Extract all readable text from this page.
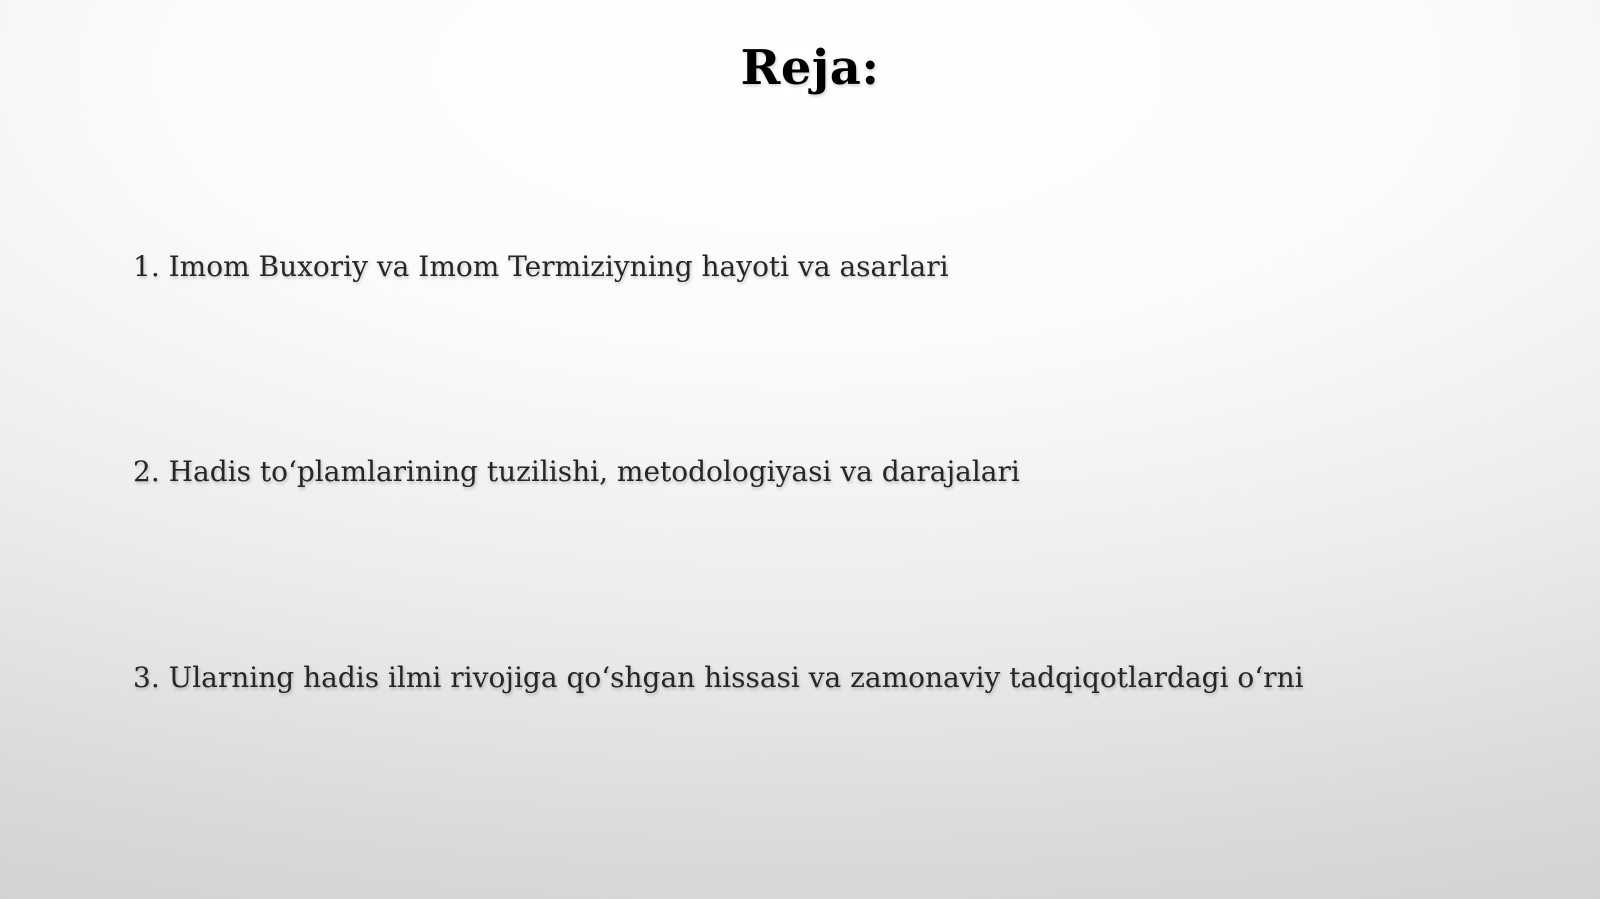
Reja:
1. Imom Buxoriy va Imom Termiziyning hayoti va asarlari
2. Hadis to‘plamlarining tuzilishi, metodologiyasi va darajalari
3. Ularning hadis ilmi rivojiga qo‘shgan hissasi va zamonaviy tadqiqotlardagi o‘rni
